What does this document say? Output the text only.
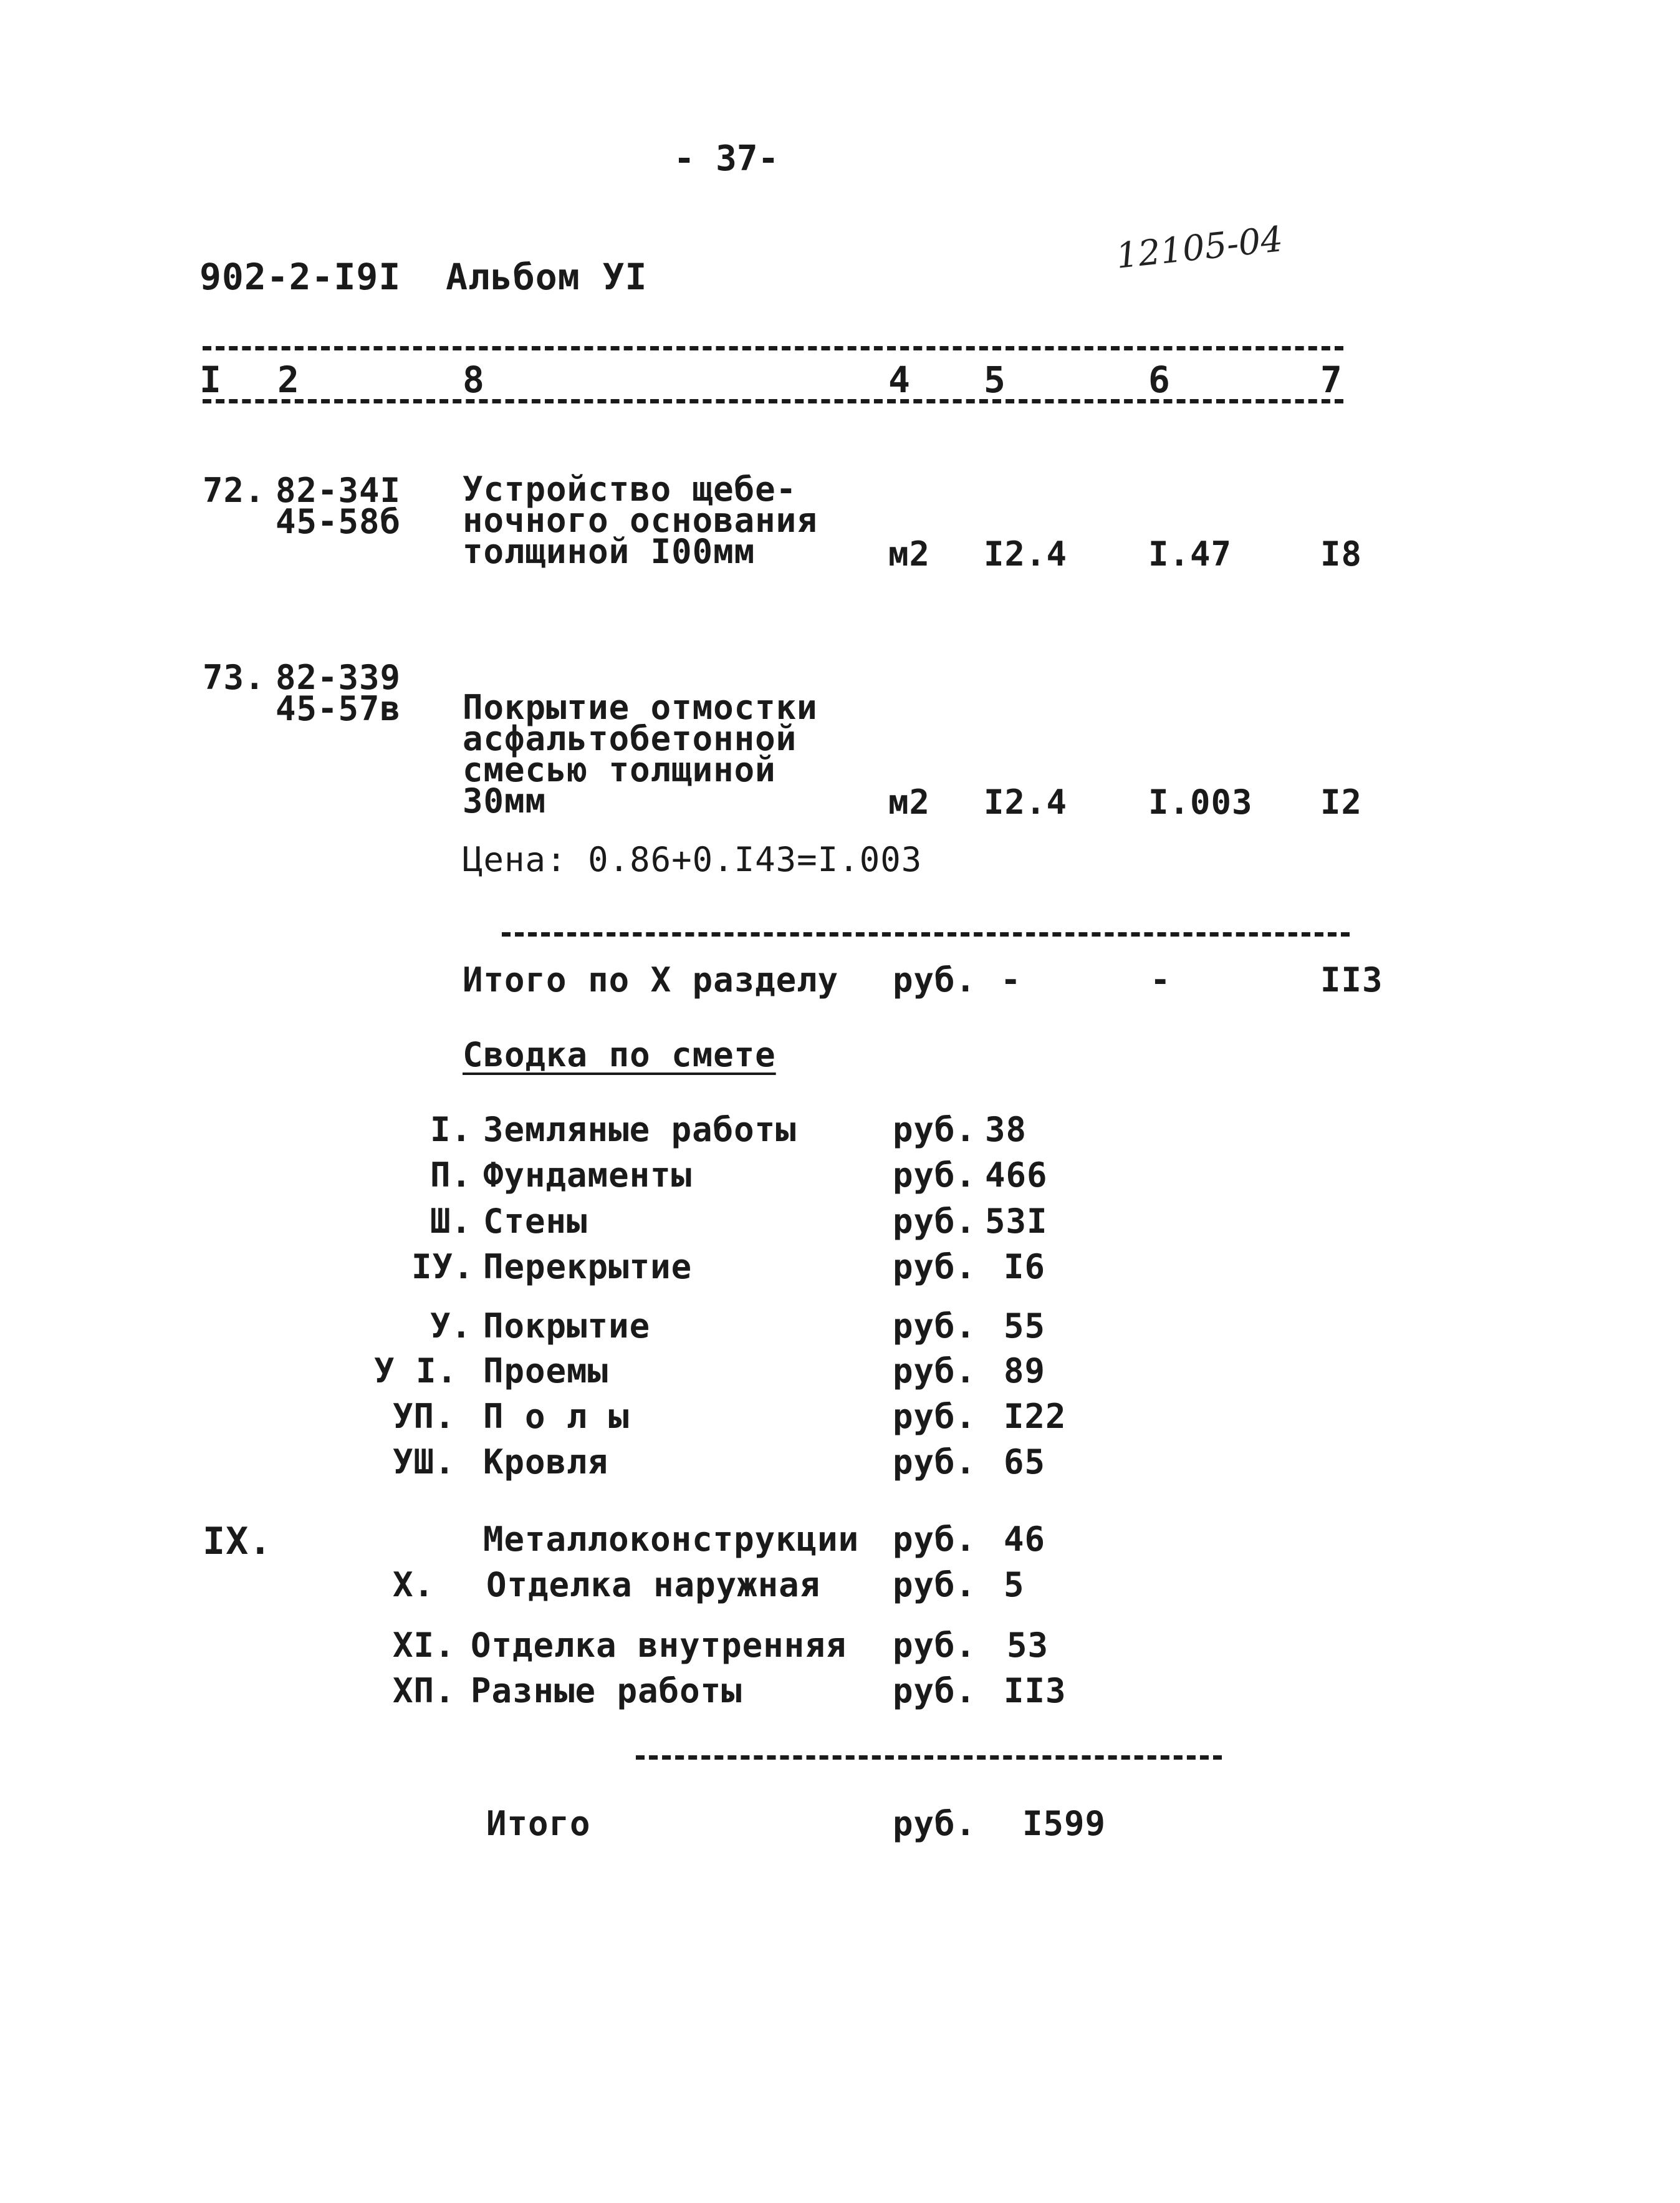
- 37-
902-2-I9I  Альбом УI
12105-04
I 2	8	4 5	6	7
72. 82-34I
45-58б
Устройство щебе-
ночного основания
толщиной I00мм	м2 I2.4 I.47	I8
73. 82-339
45-57в Покрытие отмостки
асфальтобетонной
смесью толщиной
30мм	м2 I2.4 I.003 I2
Цена: 0.86+0.I43=I.003
Итого по Х разделу руб. -	-	II3
Сводка по смете
I. Земляные работы	руб. 38
П. Фундаменты	руб. 466
Ш. Стены	руб. 53I
IУ. Перекрытие	руб. I6
У. Покрытие	руб. 55
У I. Проемы	руб. 89
УП. П о л ы	руб. I22
УШ. Кровля	руб. 65
IX.	Металлоконструкции руб. 46
Х. Отделка наружная руб. 5
ХI. Отделка внутренняя руб. 53
ХП. Разные работы	руб. II3
Итого	руб. I599
